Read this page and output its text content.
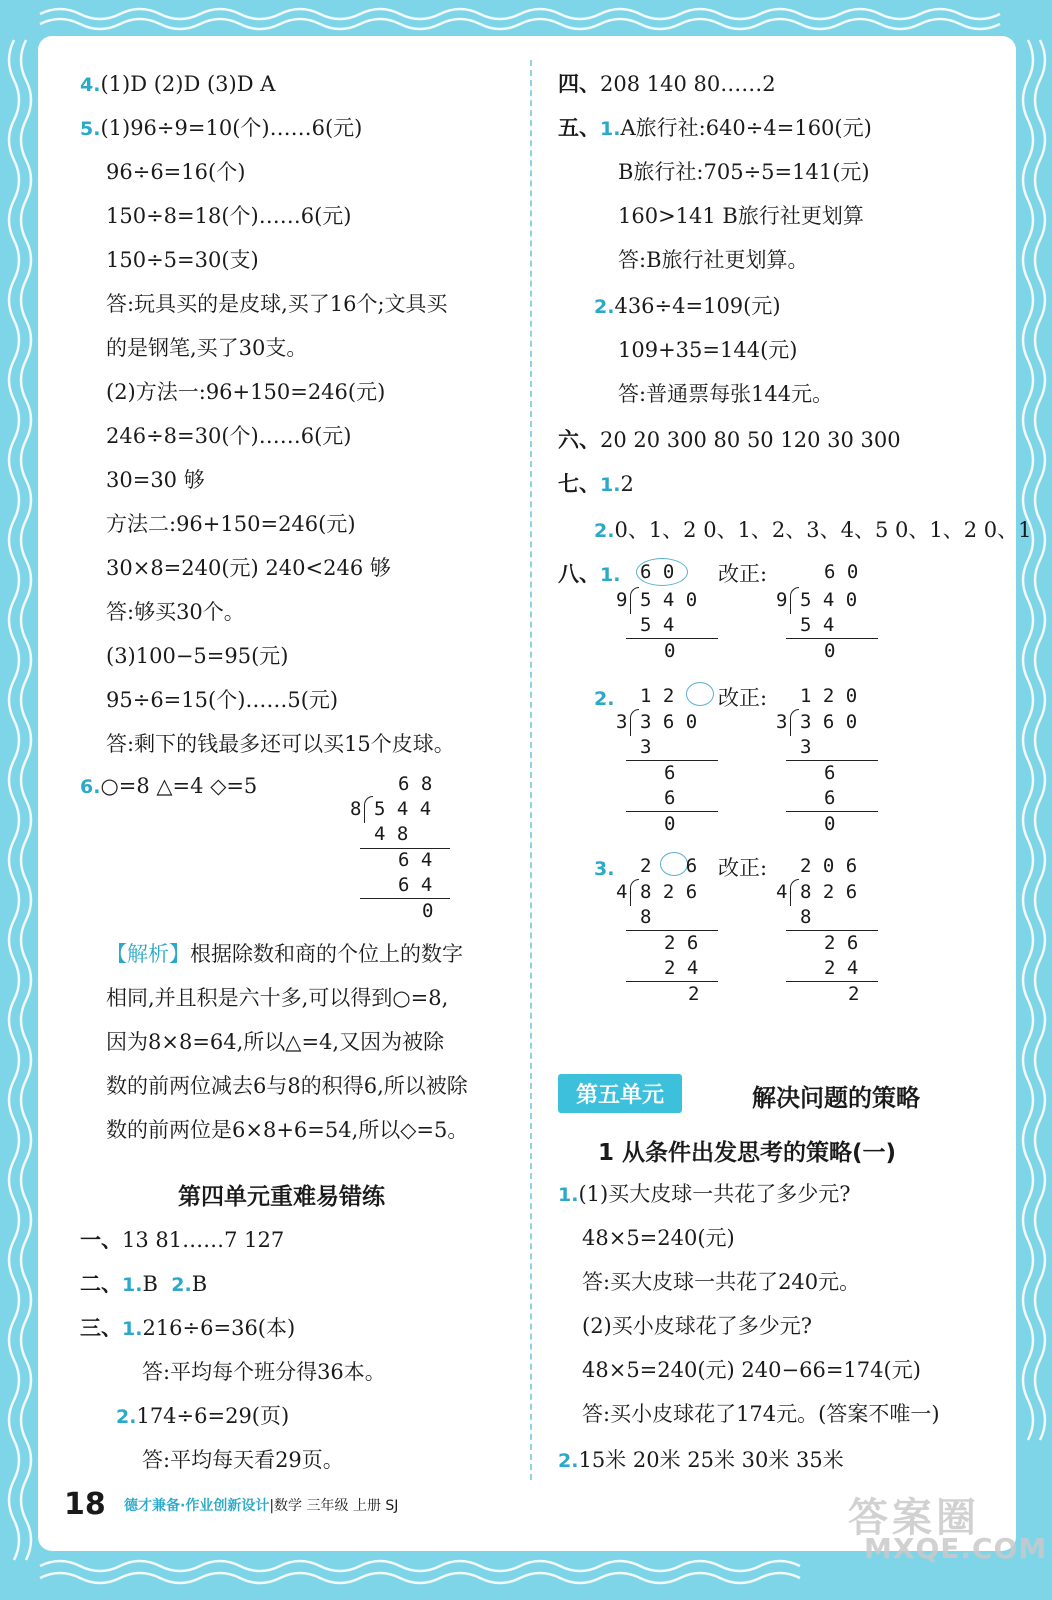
4.(1)D (2)D (3)D A
5.(1)96÷9=10(个)……6(元)
96÷6=16(个)
150÷8=18(个)……6(元)
150÷5=30(支)
答:玩具买的是皮球,买了16个;文具买
的是钢笔,买了30支。
(2)方法一:96+150=246(元)
246÷8=30(个)……6(元)
30=30 够
方法二:96+150=246(元)
30×8=240(元) 240<246 够
答:够买30个。
(3)100−5=95(元)
95÷6=15(个)……5(元)
答:剩下的钱最多还可以买15个皮球。
6.○=8 △=4 ◇=5	6 8
8 5 4 4
4 8
6 4
6 4
0
【解析】根据除数和商的个位上的数字
相同,并且积是六十多,可以得到○=8,
因为8×8=64,所以△=4,又因为被除
数的前两位减去6与8的积得6,所以被除
数的前两位是6×8+6=54,所以◇=5。
第四单元重难易错练
一、13 81……7 127
二、1.B 2.B
三、1.216÷6=36(本)
答:平均每个班分得36本。
2.174÷6=29(页)
答:平均每天看29页。
四、208 140 80……2
五、1.A旅行社:640÷4=160(元)
B旅行社:705÷5=141(元)
160>141 B旅行社更划算
答:B旅行社更划算。
2.436÷4=109(元)
109+35=144(元)
答:普通票每张144元。
六、20 20 300 80 50 120 30 300
七、1.2
2.0、1、2 0、1、2、3、4、5 0、1、2 0、1
八、1. 6 0
9 5 4 0
5 4
0
改正:	6 0
9 5 4 0
5 4
0
2. 1 2
3 3 6 0
3
6
6
0
改正: 1 2 0
3 3 6 0
3
6
6
0
3. 2   6
4 8 2 6
8
2 6
2 4
2
改正: 2 0 6
4 8 2 6
8
2 6
2 4
2
第五单元	解决问题的策略
1 从条件出发思考的策略(一)
1.(1)买大皮球一共花了多少元?
48×5=240(元)
答:买大皮球一共花了240元。
(2)买小皮球花了多少元?
48×5=240(元) 240−66=174(元)
答:买小皮球花了174元。(答案不唯一)
2.15米 20米 25米 30米 35米
18 德才兼备·作业创新设计|数学 三年级 上册 SJ	答案圈
MXQE.COM
